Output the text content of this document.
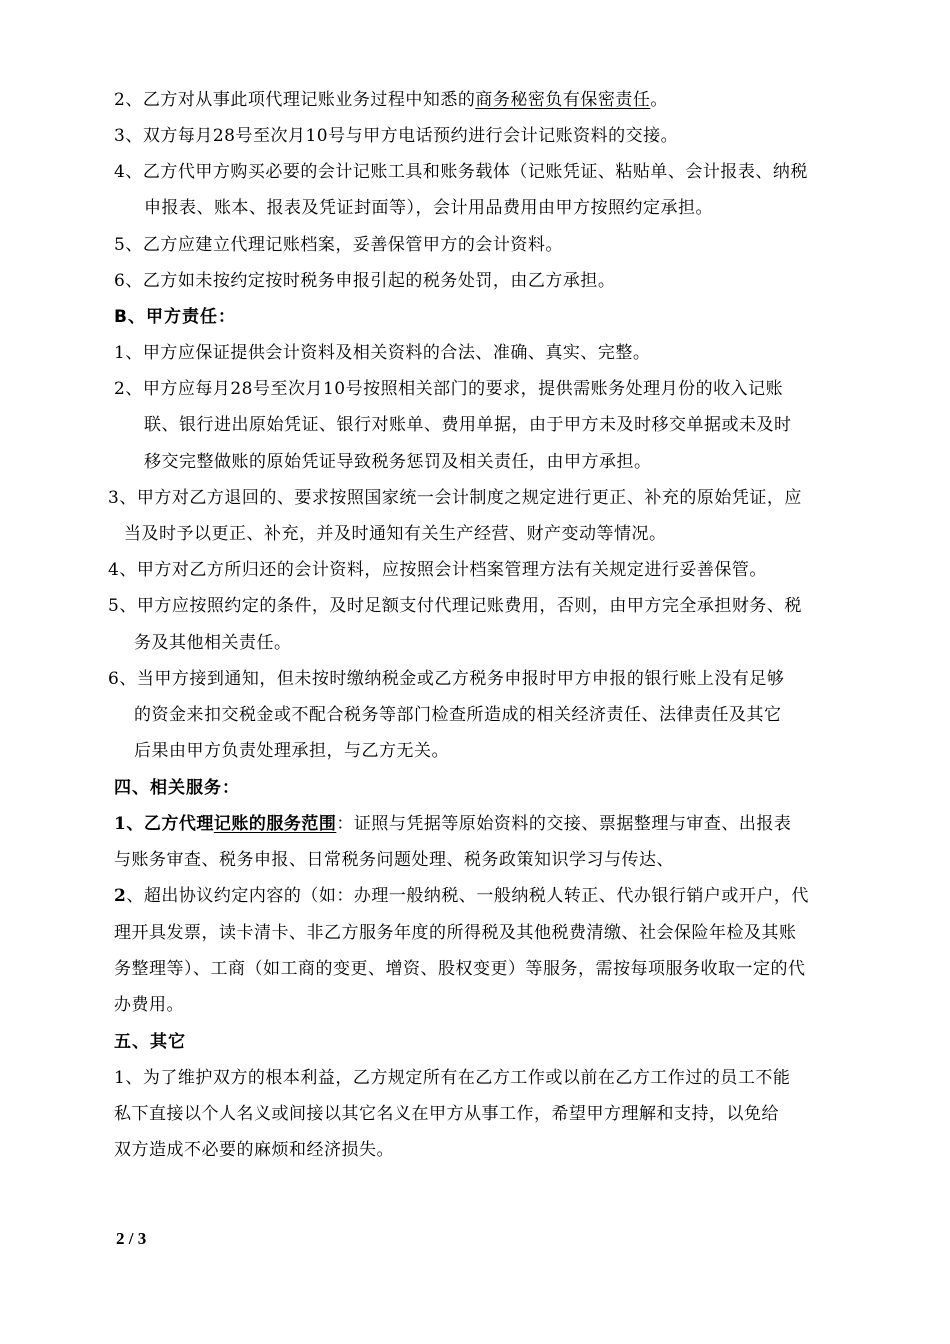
2、乙方对从事此项代理记账业务过程中知悉的商务秘密负有保密责任。
3、双方每月28号至次月10号与甲方电话预约进行会计记账资料的交接。
4、乙方代甲方购买必要的会计记账工具和账务载体（记账凭证、粘贴单、会计报表、纳税
申报表、账本、报表及凭证封面等），会计用品费用由甲方按照约定承担。
5、乙方应建立代理记账档案，妥善保管甲方的会计资料。
6、乙方如未按约定按时税务申报引起的税务处罚，由乙方承担。
B、甲方责任：
1、甲方应保证提供会计资料及相关资料的合法、准确、真实、完整。
2、甲方应每月28号至次月10号按照相关部门的要求，提供需账务处理月份的收入记账
联、银行进出原始凭证、银行对账单、费用单据，由于甲方未及时移交单据或未及时
移交完整做账的原始凭证导致税务惩罚及相关责任，由甲方承担。
3、甲方对乙方退回的、要求按照国家统一会计制度之规定进行更正、补充的原始凭证，应
当及时予以更正、补充，并及时通知有关生产经营、财产变动等情况。
4、甲方对乙方所归还的会计资料，应按照会计档案管理方法有关规定进行妥善保管。
5、甲方应按照约定的条件，及时足额支付代理记账费用，否则，由甲方完全承担财务、税
务及其他相关责任。
6、当甲方接到通知，但未按时缴纳税金或乙方税务申报时甲方申报的银行账上没有足够
的资金来扣交税金或不配合税务等部门检查所造成的相关经济责任、法律责任及其它
后果由甲方负责处理承担，与乙方无关。
四、相关服务：
1、乙方代理记账的服务范围：证照与凭据等原始资料的交接、票据整理与审查、出报表
与账务审查、税务申报、日常税务问题处理、税务政策知识学习与传达、
2、超出协议约定内容的（如：办理一般纳税、一般纳税人转正、代办银行销户或开户，代
理开具发票，读卡清卡、非乙方服务年度的所得税及其他税费清缴、社会保险年检及其账
务整理等）、工商（如工商的变更、增资、股权变更）等服务，需按每项服务收取一定的代
办费用。
五、其它
1、为了维护双方的根本利益，乙方规定所有在乙方工作或以前在乙方工作过的员工不能
私下直接以个人名义或间接以其它名义在甲方从事工作，希望甲方理解和支持，以免给
双方造成不必要的麻烦和经济损失。
2 / 3
